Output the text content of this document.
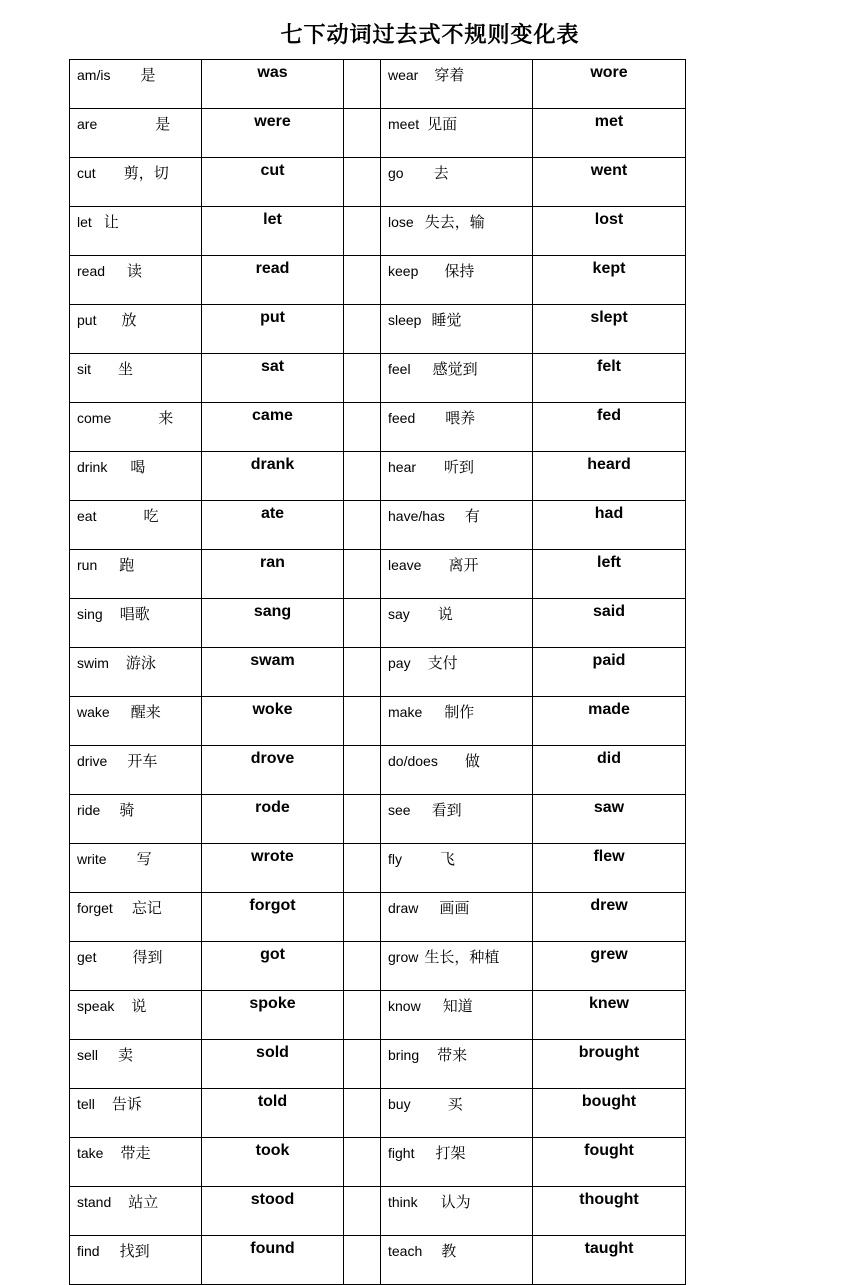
七下动词过去式不规则变化表
am/is 是	was		wear 穿着	wore
are 是	were		meet 见面	met
cut 剪，切	cut		go 去	went
let 让	let		lose 失去，输	lost
read 读	read		keep 保持	kept
put 放	put		sleep 睡觉	slept
sit 坐	sat		feel 感觉到	felt
come 来	came		feed 喂养	fed
drink 喝	drank		hear 听到	heard
eat 吃	ate		have/has 有	had
run 跑	ran		leave 离开	left
sing 唱歌	sang		say 说	said
swim 游泳	swam		pay 支付	paid
wake 醒来	woke		make 制作	made
drive 开车	drove		do/does 做	did
ride 骑	rode		see 看到	saw
write 写	wrote		fly 飞	flew
forget 忘记	forgot		draw 画画	drew
get 得到	got		grow 生长，种植	grew
speak 说	spoke		know 知道	knew
sell 卖	sold		bring 带来	brought
tell 告诉	told		buy 买	bought
take 带走	took		fight 打架	fought
stand 站立	stood		think 认为	thought
find 找到	found		teach 教	taught
